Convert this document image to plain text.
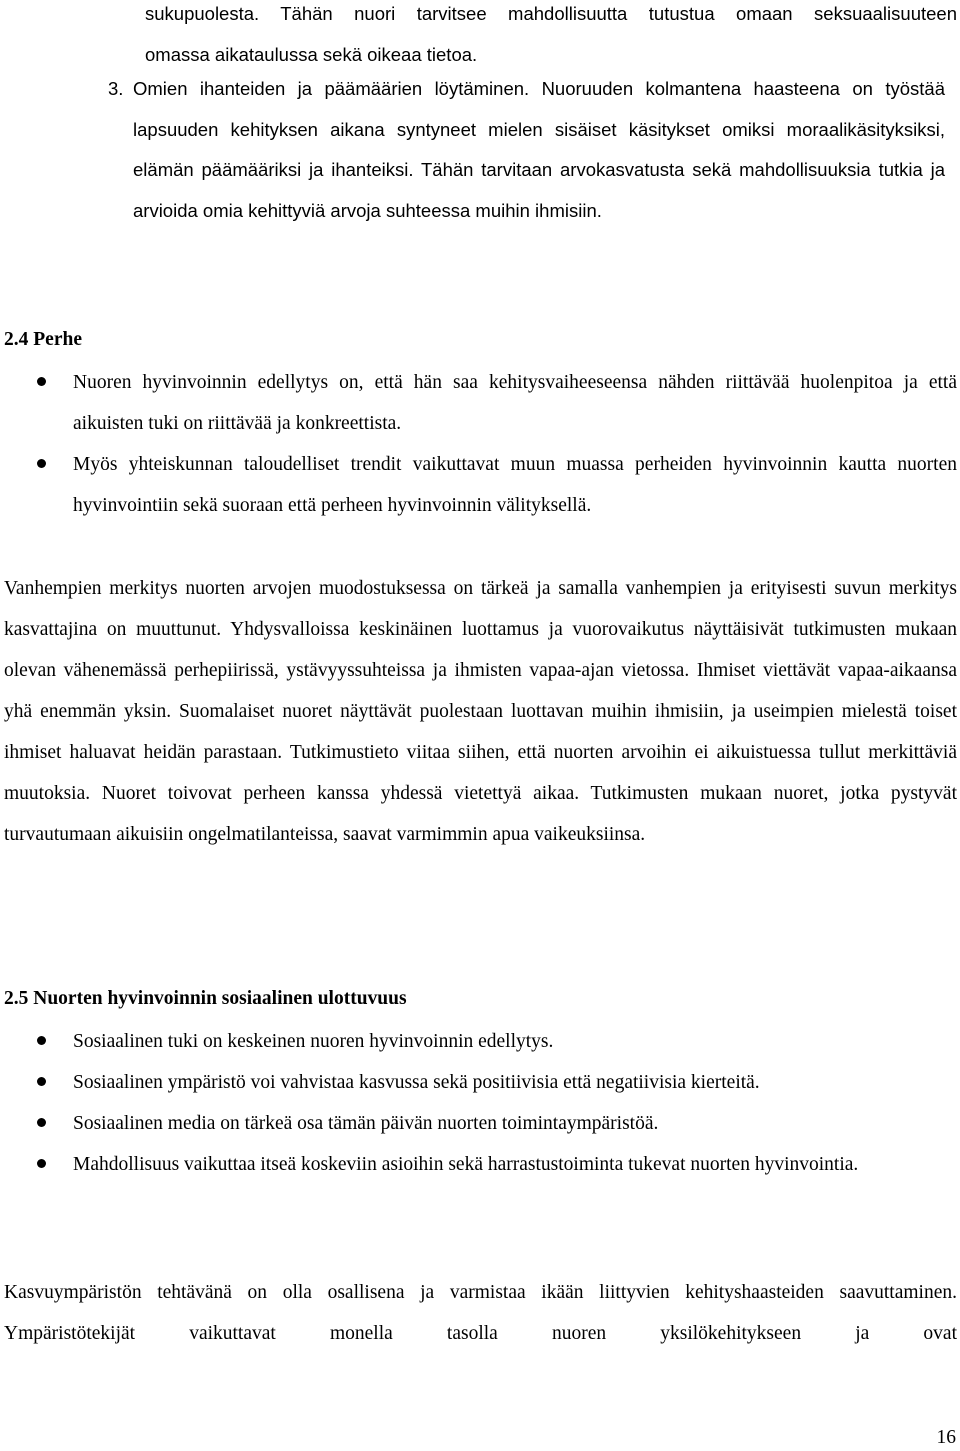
sukupuolesta. Tähän nuori tarvitsee mahdollisuutta tutustua omaan seksuaalisuuteen
omassa aikataulussa sekä oikeaa tietoa.
3. Omien ihanteiden ja päämäärien löytäminen. Nuoruuden kolmantena haasteena on työstää lapsuuden kehityksen aikana syntyneet mielen sisäiset käsitykset omiksi moraalikäsityksiksi, elämän päämääriksi ja ihanteiksi. Tähän tarvitaan arvokasvatusta sekä mahdollisuuksia tutkia ja arvioida omia kehittyviä arvoja suhteessa muihin ihmisiin.
2.4 Perhe
Nuoren hyvinvoinnin edellytys on, että hän saa kehitysvaiheeseensa nähden riittävää huolenpitoa ja että aikuisten tuki on riittävää ja konkreettista.
Myös yhteiskunnan taloudelliset trendit vaikuttavat muun muassa perheiden hyvinvoinnin kautta nuorten hyvinvointiin sekä suoraan että perheen hyvinvoinnin välityksellä.
Vanhempien merkitys nuorten arvojen muodostuksessa on tärkeä ja samalla vanhempien ja erityisesti suvun merkitys kasvattajina on muuttunut. Yhdysvalloissa keskinäinen luottamus ja vuorovaikutus näyttäisivät tutkimusten mukaan olevan vähenemässä perhepiirissä, ystävyyssuhteissa ja ihmisten vapaa-ajan vietossa. Ihmiset viettävät vapaa-aikaansa yhä enemmän yksin. Suomalaiset nuoret näyttävät puolestaan luottavan muihin ihmisiin, ja useimpien mielestä toiset ihmiset haluavat heidän parastaan. Tutkimustieto viitaa siihen, että nuorten arvoihin ei aikuistuessa tullut merkittäviä muutoksia. Nuoret toivovat perheen kanssa yhdessä vietettyä aikaa. Tutkimusten mukaan nuoret, jotka pystyvät turvautumaan aikuisiin ongelmatilanteissa, saavat varmimmin apua vaikeuksiinsa.
2.5 Nuorten hyvinvoinnin sosiaalinen ulottuvuus
Sosiaalinen tuki on keskeinen nuoren hyvinvoinnin edellytys.
Sosiaalinen ympäristö voi vahvistaa kasvussa sekä positiivisia että negatiivisia kierteitä.
Sosiaalinen media on tärkeä osa tämän päivän nuorten toimintaympäristöä.
Mahdollisuus vaikuttaa itseä koskeviin asioihin sekä harrastustoiminta tukevat nuorten hyvinvointia.
Kasvuympäristön tehtävänä on olla osallisena ja varmistaa ikään liittyvien kehityshaasteiden saavuttaminen. Ympäristötekijät vaikuttavat monella tasolla nuoren yksilökehitykseen ja ovat
16
